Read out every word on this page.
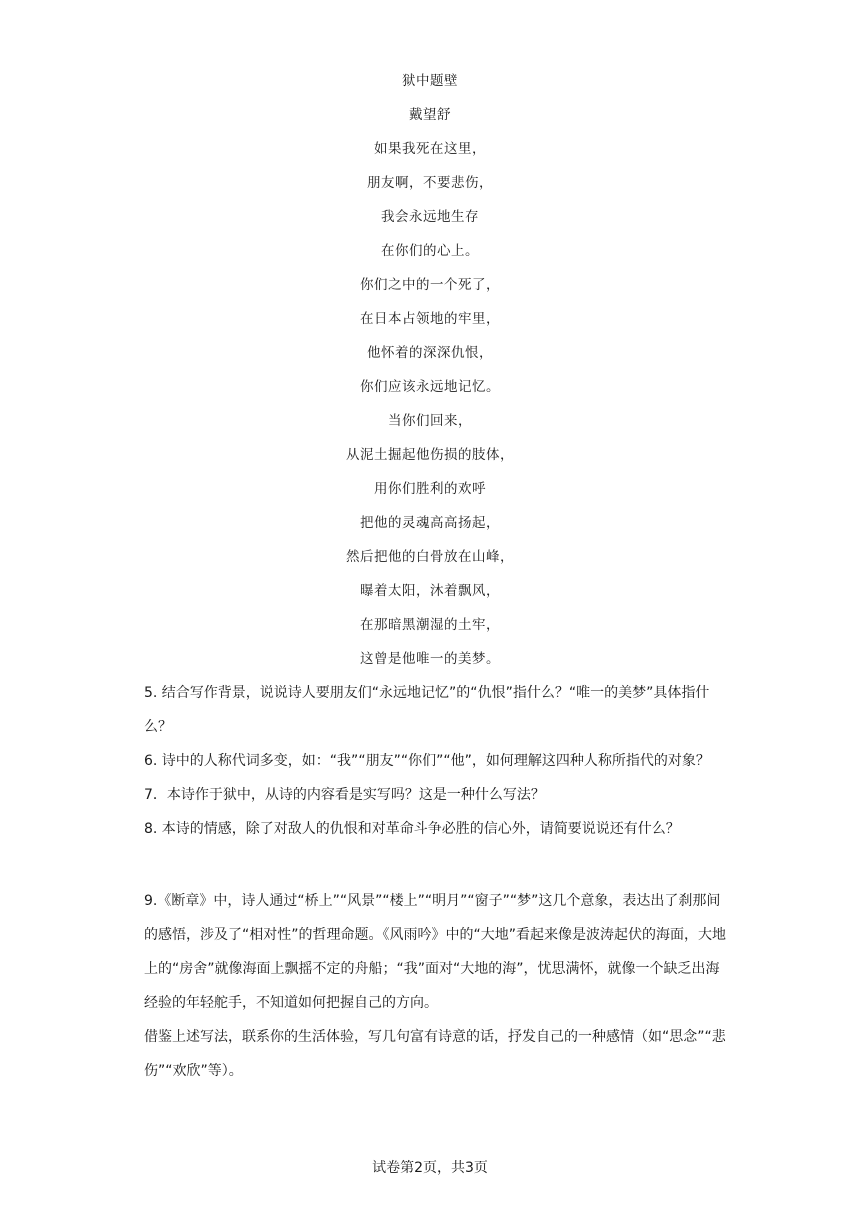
狱中题壁
戴望舒
如果我死在这里，
朋友啊，不要悲伤，
我会永远地生存
在你们的心上。
你们之中的一个死了，
在日本占领地的牢里，
他怀着的深深仇恨，
你们应该永远地记忆。
当你们回来，
从泥土掘起他伤损的肢体，
用你们胜利的欢呼
把他的灵魂高高扬起，
然后把他的白骨放在山峰，
曝着太阳，沐着飘风，
在那暗黑潮湿的土牢，
这曾是他唯一的美梦。

5. 结合写作背景，说说诗人要朋友们“永远地记忆”的“仇恨”指什么？“唯一的美梦”具体指什么？

6. 诗中的人称代词多变，如：“我”“朋友”“你们”“他”，如何理解这四种人称所指代的对象？

7．本诗作于狱中，从诗的内容看是实写吗？这是一种什么写法？

8. 本诗的情感，除了对敌人的仇恨和对革命斗争必胜的信心外，请简要说说还有什么？

9.《断章》中，诗人通过“桥上”“风景”“楼上”“明月”“窗子”“梦”这几个意象，表达出了刹那间的感悟，涉及了“相对性”的哲理命题。《风雨吟》中的“大地”看起来像是波涛起伏的海面，大地上的“房舍”就像海面上飘摇不定的舟船；“我”面对“大地的海”，忧思满怀，就像一个缺乏出海经验的年轻舵手，不知道如何把握自己的方向。

借鉴上述写法，联系你的生活体验，写几句富有诗意的话，抒发自己的一种感情（如“思念”“悲伤”“欢欣”等）。

试卷第2页，共3页
